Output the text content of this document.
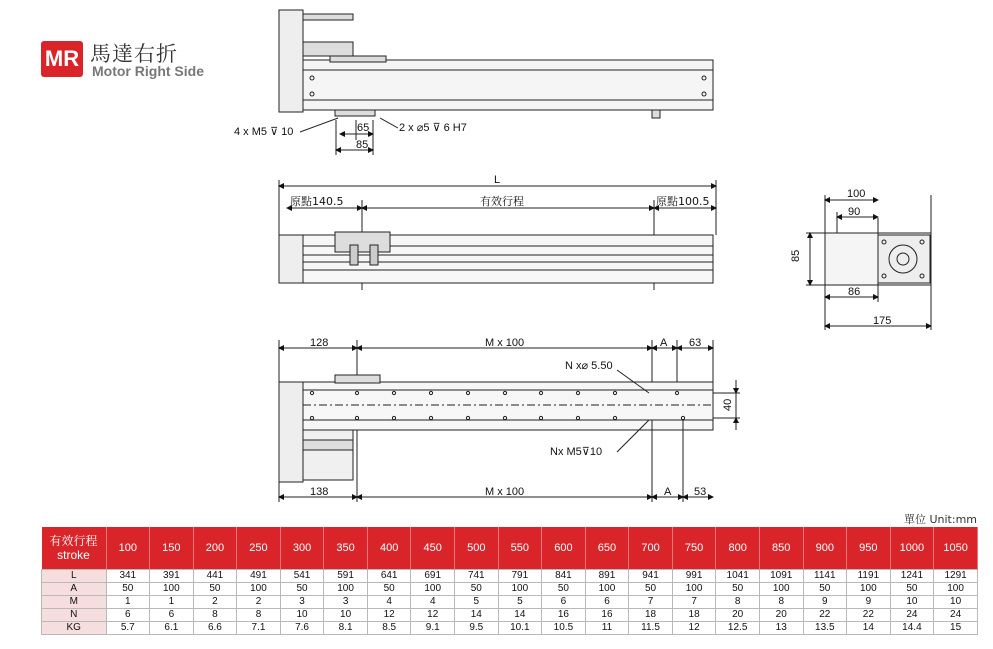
MR 馬達右折
Motor Right Side
4 x M5 ⊽ 10	2 x ⌀5 ⊽ 6 H7
65
85
L
原點140.5	有效行程	原點100.5
100
90
85
86
175
128	M x 100	A 63
N x⌀ 5.50
40
Nx M5⊽10
138	M x 100	A 53
單位 Unit:mm
有效行程
stroke	100	150	200	250	300	350	400	450	500	550	600	650	700	750	800	850	900	950	1000	1050
L	341	391	441	491	541	591	641	691	741	791	841	891	941	991	1041	1091	1141	1191	1241	1291
A	50	100	50	100	50	100	50	100	50	100	50	100	50	100	50	100	50	100	50	100
M	1	1	2	2	3	3	4	4	5	5	6	6	7	7	8	8	9	9	10	10
N	6	6	8	8	10	10	12	12	14	14	16	16	18	18	20	20	22	22	24	24
KG	5.7	6.1	6.6	7.1	7.6	8.1	8.5	9.1	9.5	10.1	10.5	11	11.5	12	12.5	13	13.5	14	14.4	15
